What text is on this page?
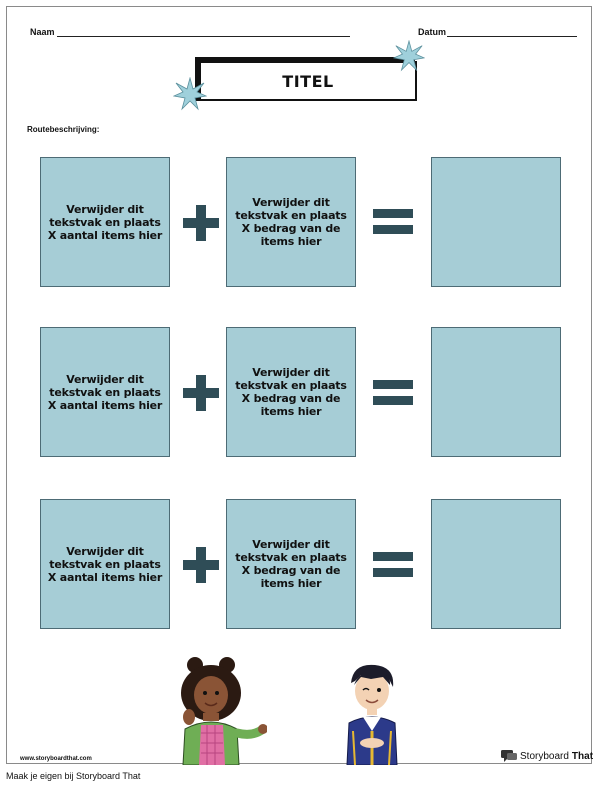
Naam	Datum
TITEL
Routebeschrijving:
Verwijder dit tekstvak en plaats X aantal items hier
Verwijder dit tekstvak en plaats X bedrag van de items hier
Verwijder dit tekstvak en plaats X aantal items hier
Verwijder dit tekstvak en plaats X bedrag van de items hier
Verwijder dit tekstvak en plaats X aantal items hier
Verwijder dit tekstvak en plaats X bedrag van de items hier
www.storyboardthat.com	Storyboard That
Maak je eigen bij Storyboard That
